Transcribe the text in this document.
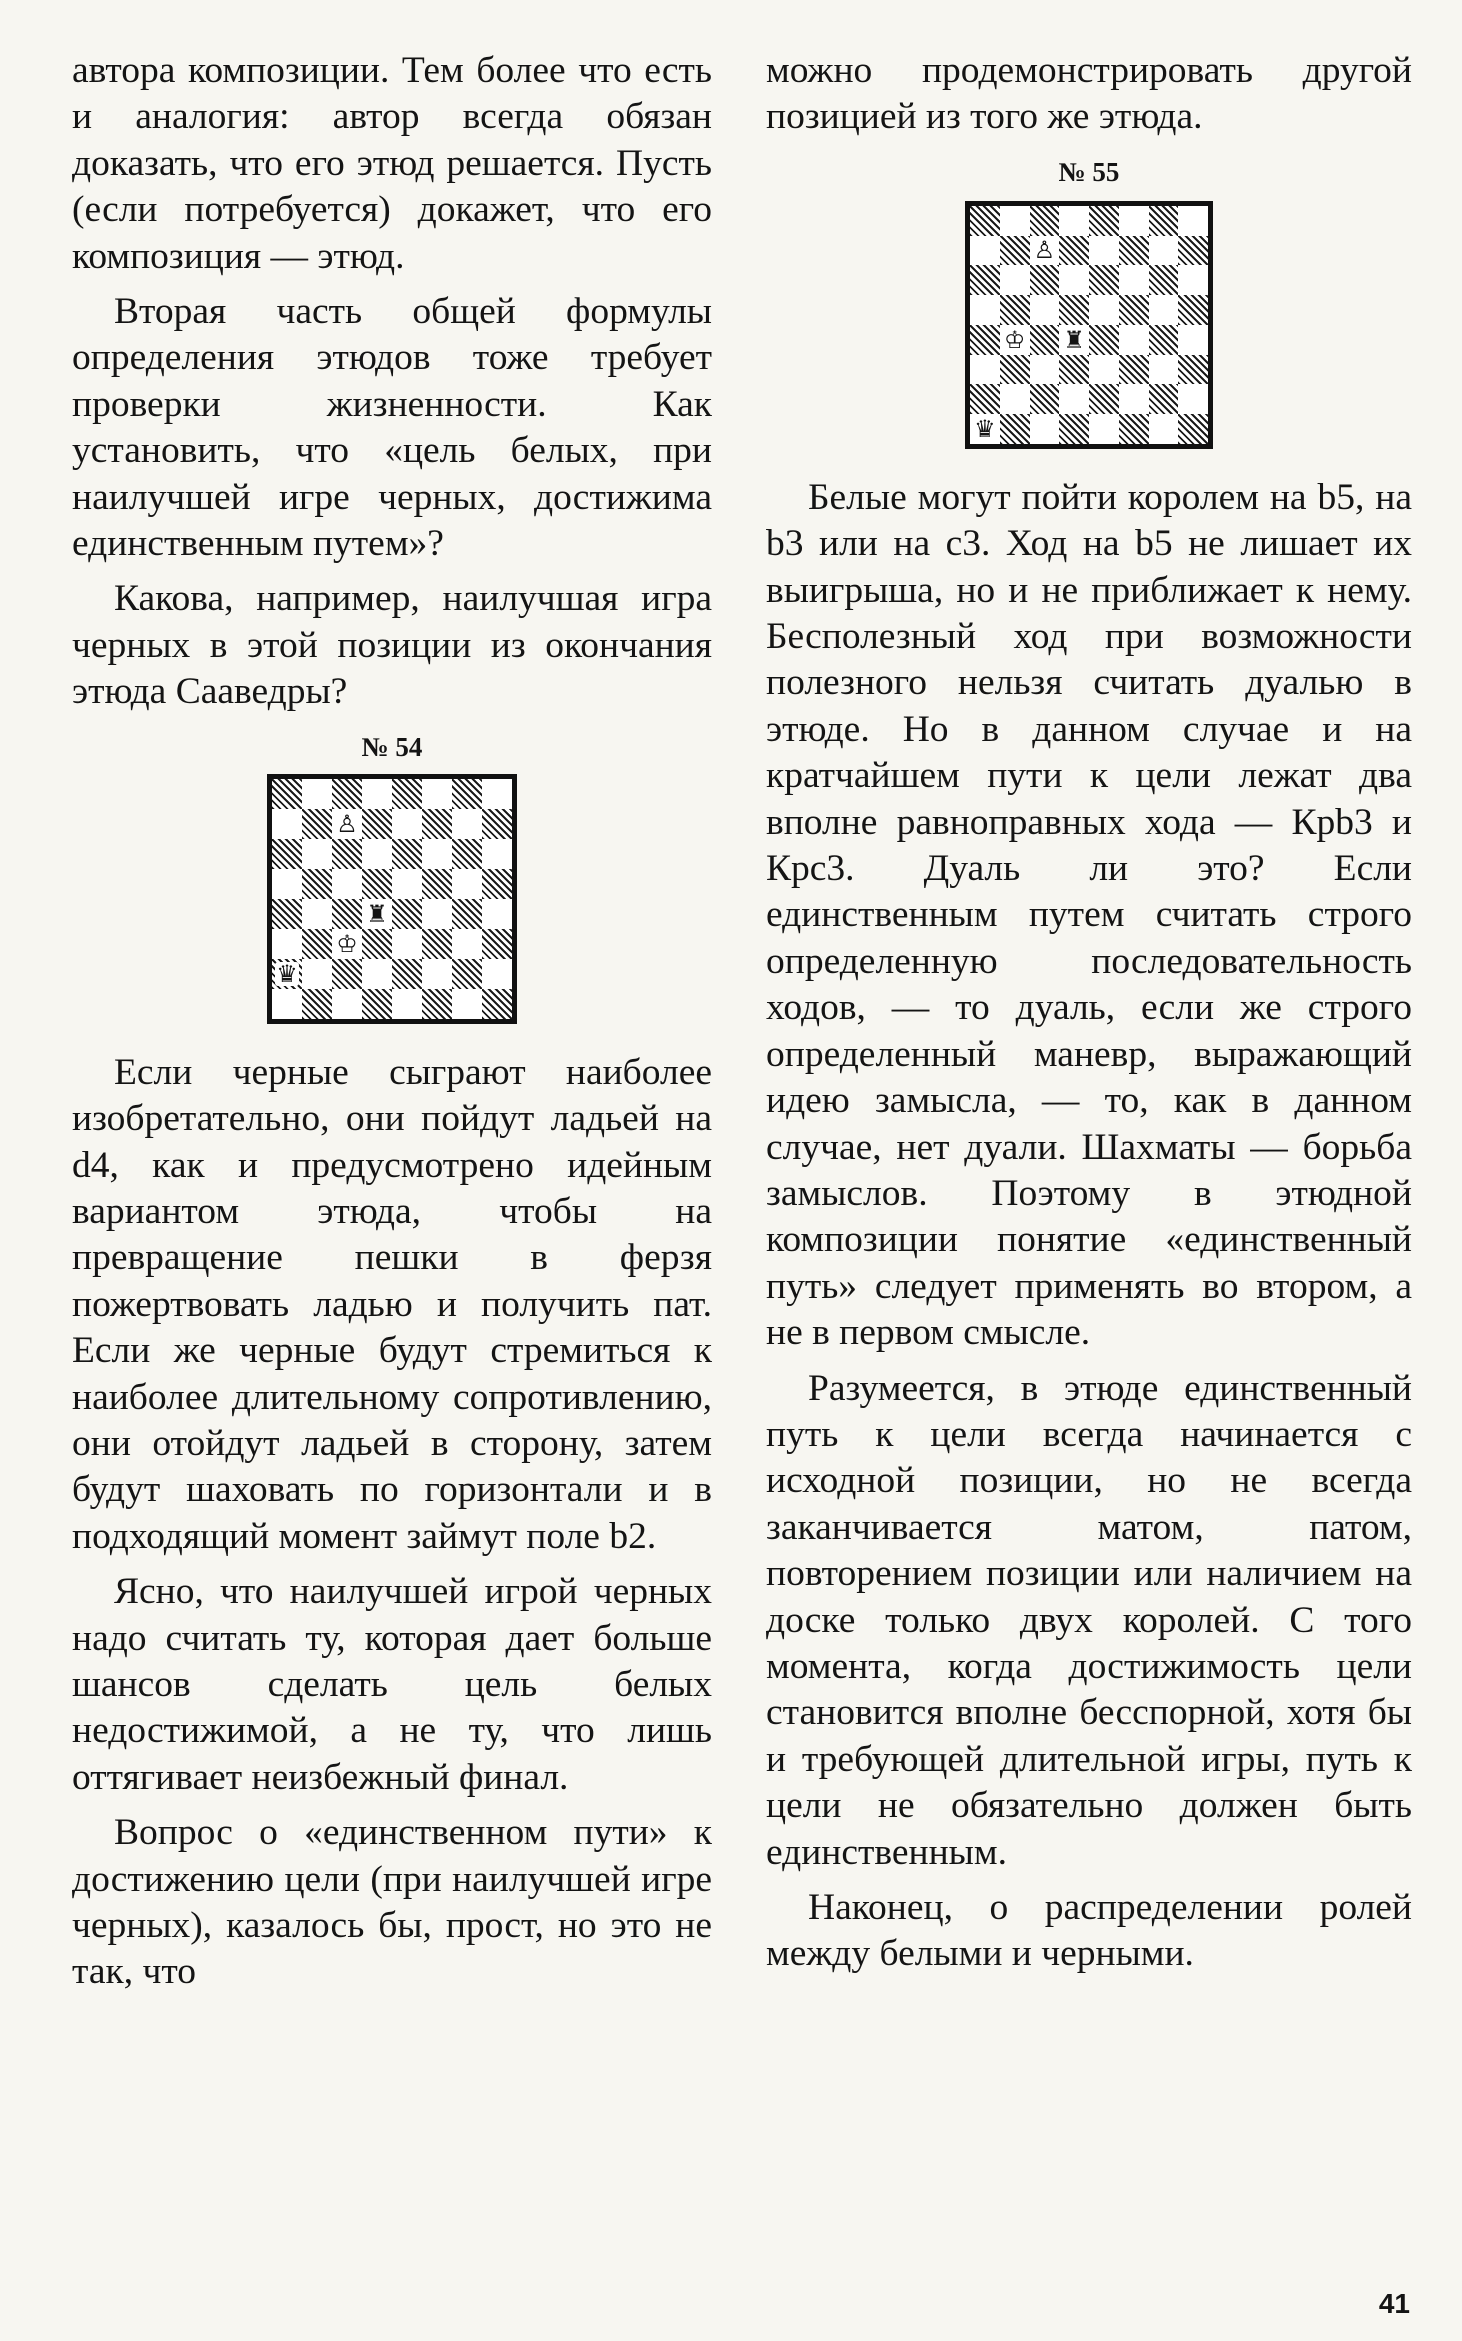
автора композиции. Тем более что есть и аналогия: автор всегда обязан доказать, что его этюд решается. Пусть (если потребуется) докажет, что его композиция — этюд.

Вторая часть общей формулы определения этюдов тоже требует проверки жизненности. Как установить, что «цель белых, при наилучшей игре черных, достижима единственным путем»?

Какова, например, наилучшая игра черных в этой позиции из окончания этюда Сааведры?

№ 54
♙
♜
♔
♛

Если черные сыграют наиболее изобретательно, они пойдут ладьей на d4, как и предусмотрено идейным вариантом этюда, чтобы на превращение пешки в ферзя пожертвовать ладью и получить пат. Если же черные будут стремиться к наиболее длительному сопротивлению, они отойдут ладьей в сторону, затем будут шаховать по горизонтали и в подходящий момент займут поле b2.

Ясно, что наилучшей игрой черных надо считать ту, которая дает больше шансов сделать цель белых недостижимой, а не ту, что лишь оттягивает неизбежный финал.

Вопрос о «единственном пути» к достижению цели (при наилучшей игре черных), казалось бы, прост, но это не так, что

можно продемонстрировать другой позицией из того же этюда.

№ 55
♙
♔ ♜
♛

Белые могут пойти королем на b5, на b3 или на c3. Ход на b5 не лишает их выигрыша, но и не приближает к нему. Бесполезный ход при возможности полезного нельзя считать дуалью в этюде. Но в данном случае и на кратчайшем пути к цели лежат два вполне равноправных хода — Крb3 и Крc3. Дуаль ли это? Если единственным путем считать строго определенную последовательность ходов, — то дуаль, если же строго определенный маневр, выражающий идею замысла, — то, как в данном случае, нет дуали. Шахматы — борьба замыслов. Поэтому в этюдной композиции понятие «единственный путь» следует применять во втором, а не в первом смысле.

Разумеется, в этюде единственный путь к цели всегда начинается с исходной позиции, но не всегда заканчивается матом, патом, повторением позиции или наличием на доске только двух королей. С того момента, когда достижимость цели становится вполне бесспорной, хотя бы и требующей длительной игры, путь к цели не обязательно должен быть единственным.

Наконец, о распределении ролей между белыми и черными.

41
